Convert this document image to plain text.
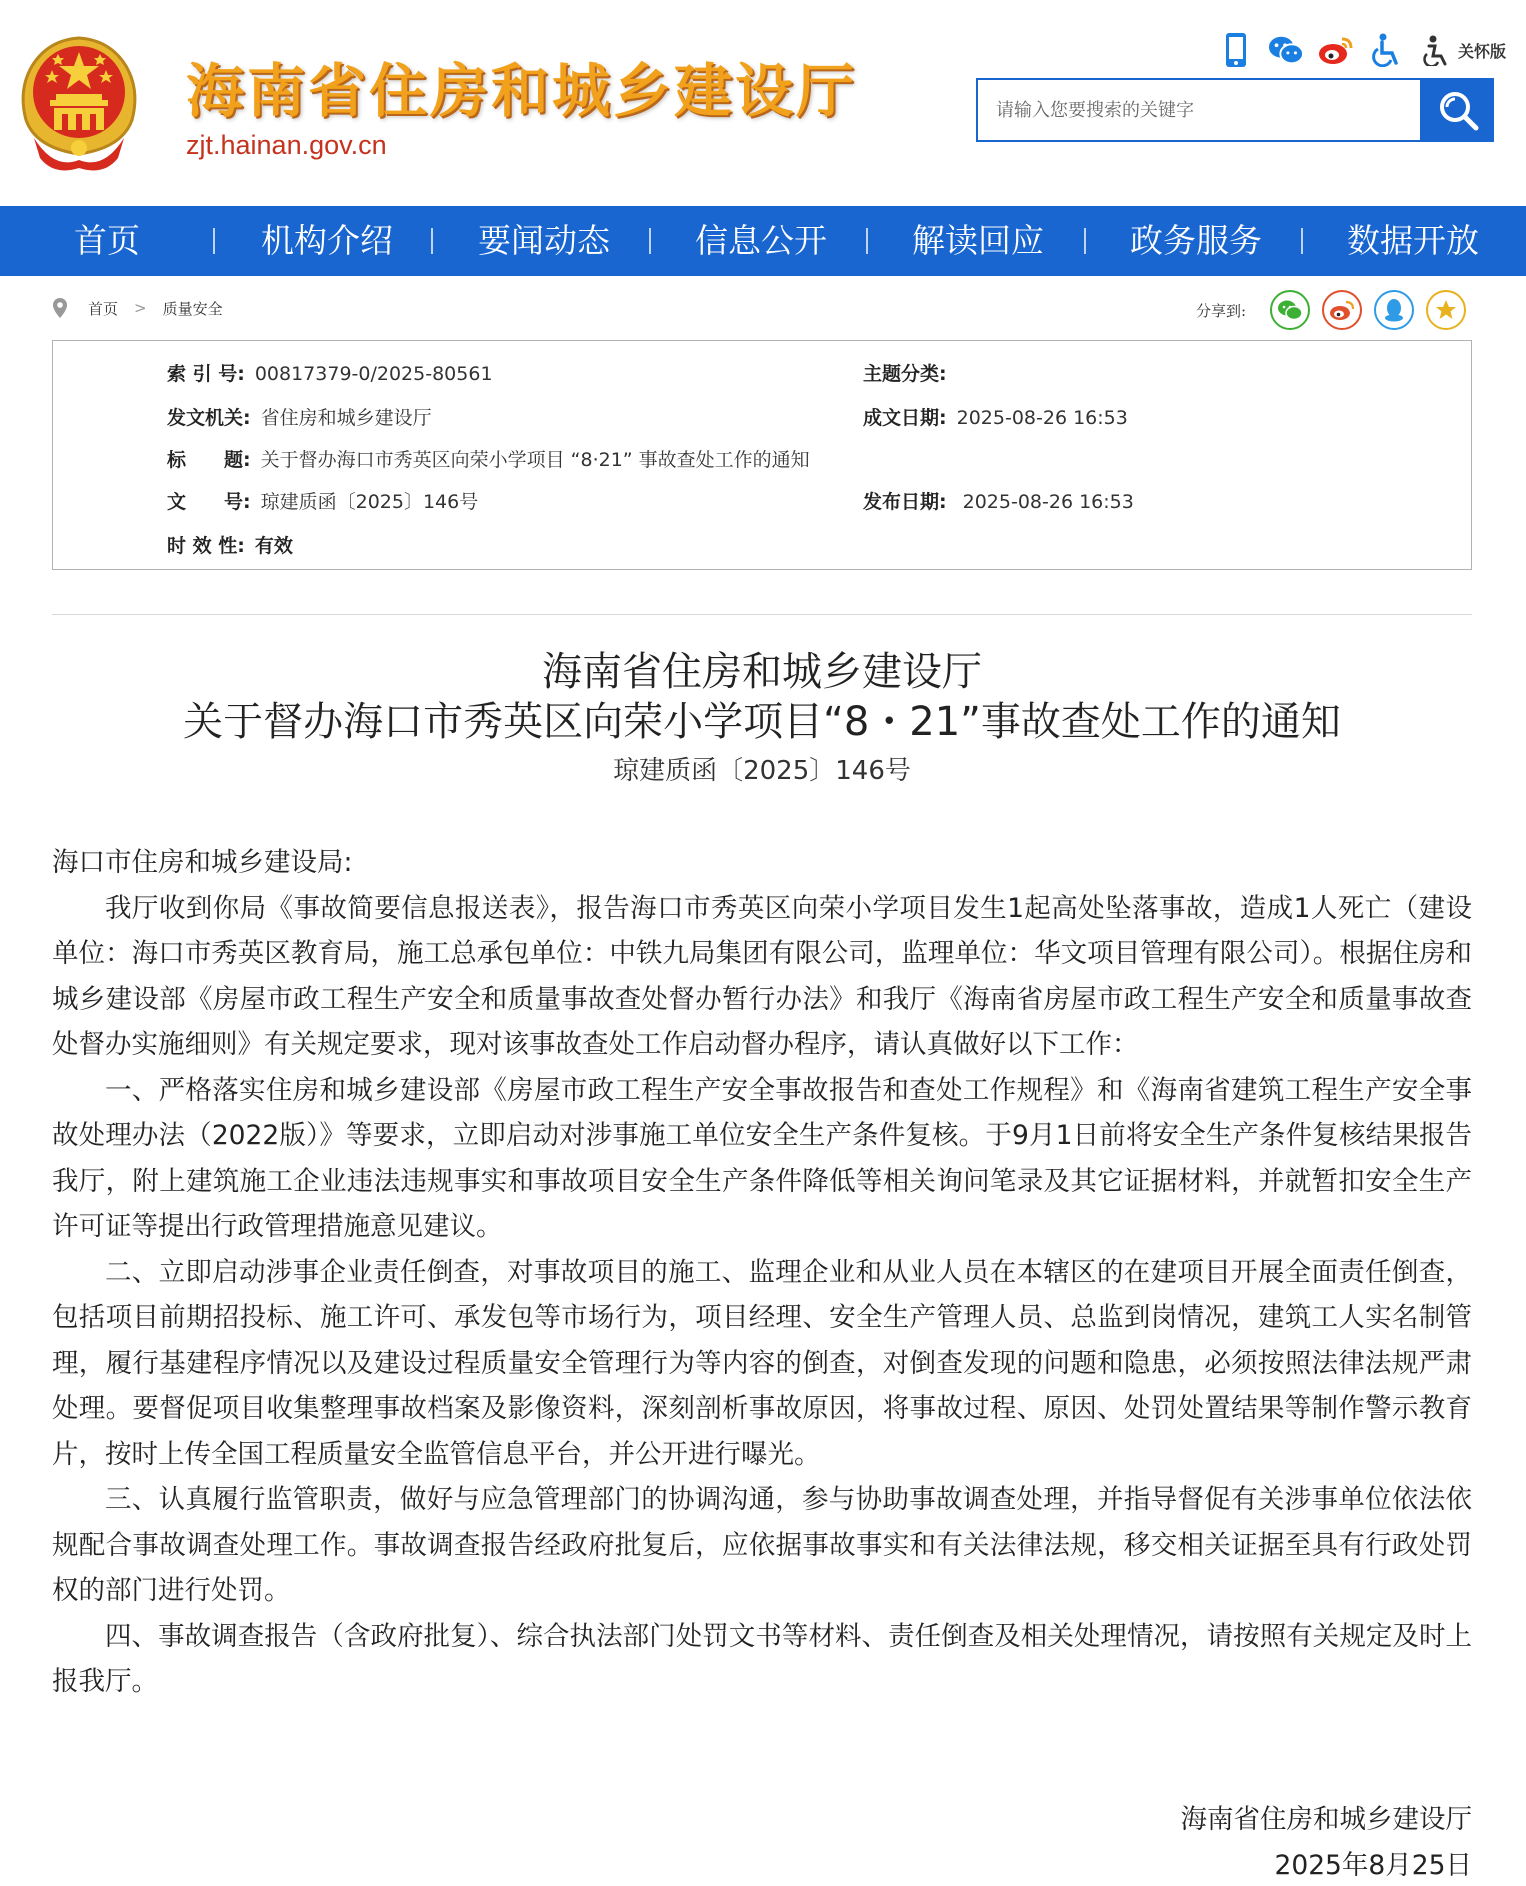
海南省住房和城乡建设厅
zjt.hainan.gov.cn
关怀版
请输入您要搜索的关键字
首页	机构介绍	要闻动态	信息公开	解读回应	政务服务	数据开放
首页 > 质量安全	分享到:
索 引 号: 00817379-0/2025-80561	主题分类:
发文机关: 省住房和城乡建设厅	成文日期: 2025-08-26 16:53
标　　题: 关于督办海口市秀英区向荣小学项目 “8·21” 事故查处工作的通知
文　　号: 琼建质函〔2025〕146号	发布日期: 2025-08-26 16:53
时 效 性: 有效
海南省住房和城乡建设厅
关于督办海口市秀英区向荣小学项目“8・21”事故查处工作的通知
琼建质函〔2025〕146号

海口市住房和城乡建设局:

我厅收到你局《事故简要信息报送表》，报告海口市秀英区向荣小学项目发生1起高处坠落事故，造成1人死亡（建设单位：海口市秀英区教育局，施工总承包单位：中铁九局集团有限公司，监理单位：华文项目管理有限公司）。根据住房和城乡建设部《房屋市政工程生产安全和质量事故查处督办暂行办法》和我厅《海南省房屋市政工程生产安全和质量事故查处督办实施细则》有关规定要求，现对该事故查处工作启动督办程序，请认真做好以下工作：

一、严格落实住房和城乡建设部《房屋市政工程生产安全事故报告和查处工作规程》和《海南省建筑工程生产安全事故处理办法（2022版）》等要求，立即启动对涉事施工单位安全生产条件复核。于9月1日前将安全生产条件复核结果报告我厅，附上建筑施工企业违法违规事实和事故项目安全生产条件降低等相关询问笔录及其它证据材料，并就暂扣安全生产许可证等提出行政管理措施意见建议。

二、立即启动涉事企业责任倒查，对事故项目的施工、监理企业和从业人员在本辖区的在建项目开展全面责任倒查，包括项目前期招投标、施工许可、承发包等市场行为，项目经理、安全生产管理人员、总监到岗情况，建筑工人实名制管理，履行基建程序情况以及建设过程质量安全管理行为等内容的倒查，对倒查发现的问题和隐患，必须按照法律法规严肃处理。要督促项目收集整理事故档案及影像资料，深刻剖析事故原因，将事故过程、原因、处罚处置结果等制作警示教育片，按时上传全国工程质量安全监管信息平台，并公开进行曝光。

三、认真履行监管职责，做好与应急管理部门的协调沟通，参与协助事故调查处理，并指导督促有关涉事单位依法依规配合事故调查处理工作。事故调查报告经政府批复后，应依据事故事实和有关法律法规，移交相关证据至具有行政处罚权的部门进行处罚。

四、事故调查报告（含政府批复）、综合执法部门处罚文书等材料、责任倒查及相关处理情况，请按照有关规定及时上报我厅。

海南省住房和城乡建设厅
2025年8月25日
